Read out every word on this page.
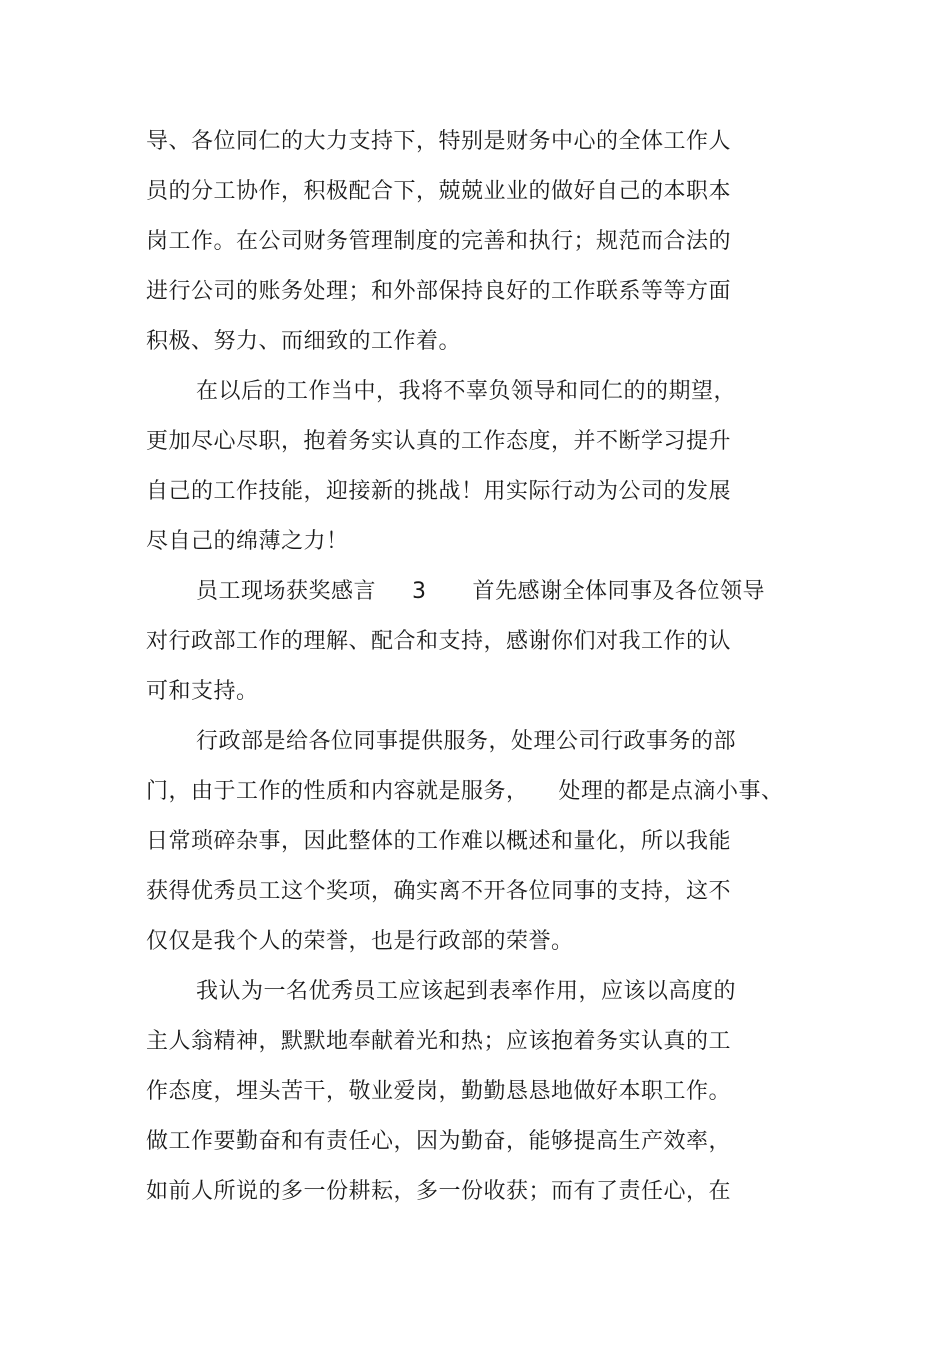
导、各位同仁的大力支持下，特别是财务中心的全体工作人
员的分工协作，积极配合下，兢兢业业的做好自己的本职本
岗工作。在公司财务管理制度的完善和执行；规范而合法的
进行公司的账务处理；和外部保持良好的工作联系等等方面
积极、努力、而细致的工作着。
在以后的工作当中，我将不辜负领导和同仁的的期望，
更加尽心尽职，抱着务实认真的工作态度，并不断学习提升
自己的工作技能，迎接新的挑战！用实际行动为公司的发展
尽自己的绵薄之力！
员工现场获奖感言 3 首先感谢全体同事及各位领导
对行政部工作的理解、配合和支持，感谢你们对我工作的认
可和支持。
行政部是给各位同事提供服务，处理公司行政事务的部
门，由于工作的性质和内容就是服务， 处理的都是点滴小事、
日常琐碎杂事，因此整体的工作难以概述和量化，所以我能
获得优秀员工这个奖项，确实离不开各位同事的支持，这不
仅仅是我个人的荣誉，也是行政部的荣誉。
我认为一名优秀员工应该起到表率作用，应该以高度的
主人翁精神，默默地奉献着光和热；应该抱着务实认真的工
作态度，埋头苦干，敬业爱岗，勤勤恳恳地做好本职工作。
做工作要勤奋和有责任心，因为勤奋，能够提高生产效率，
如前人所说的多一份耕耘，多一份收获；而有了责任心，在
